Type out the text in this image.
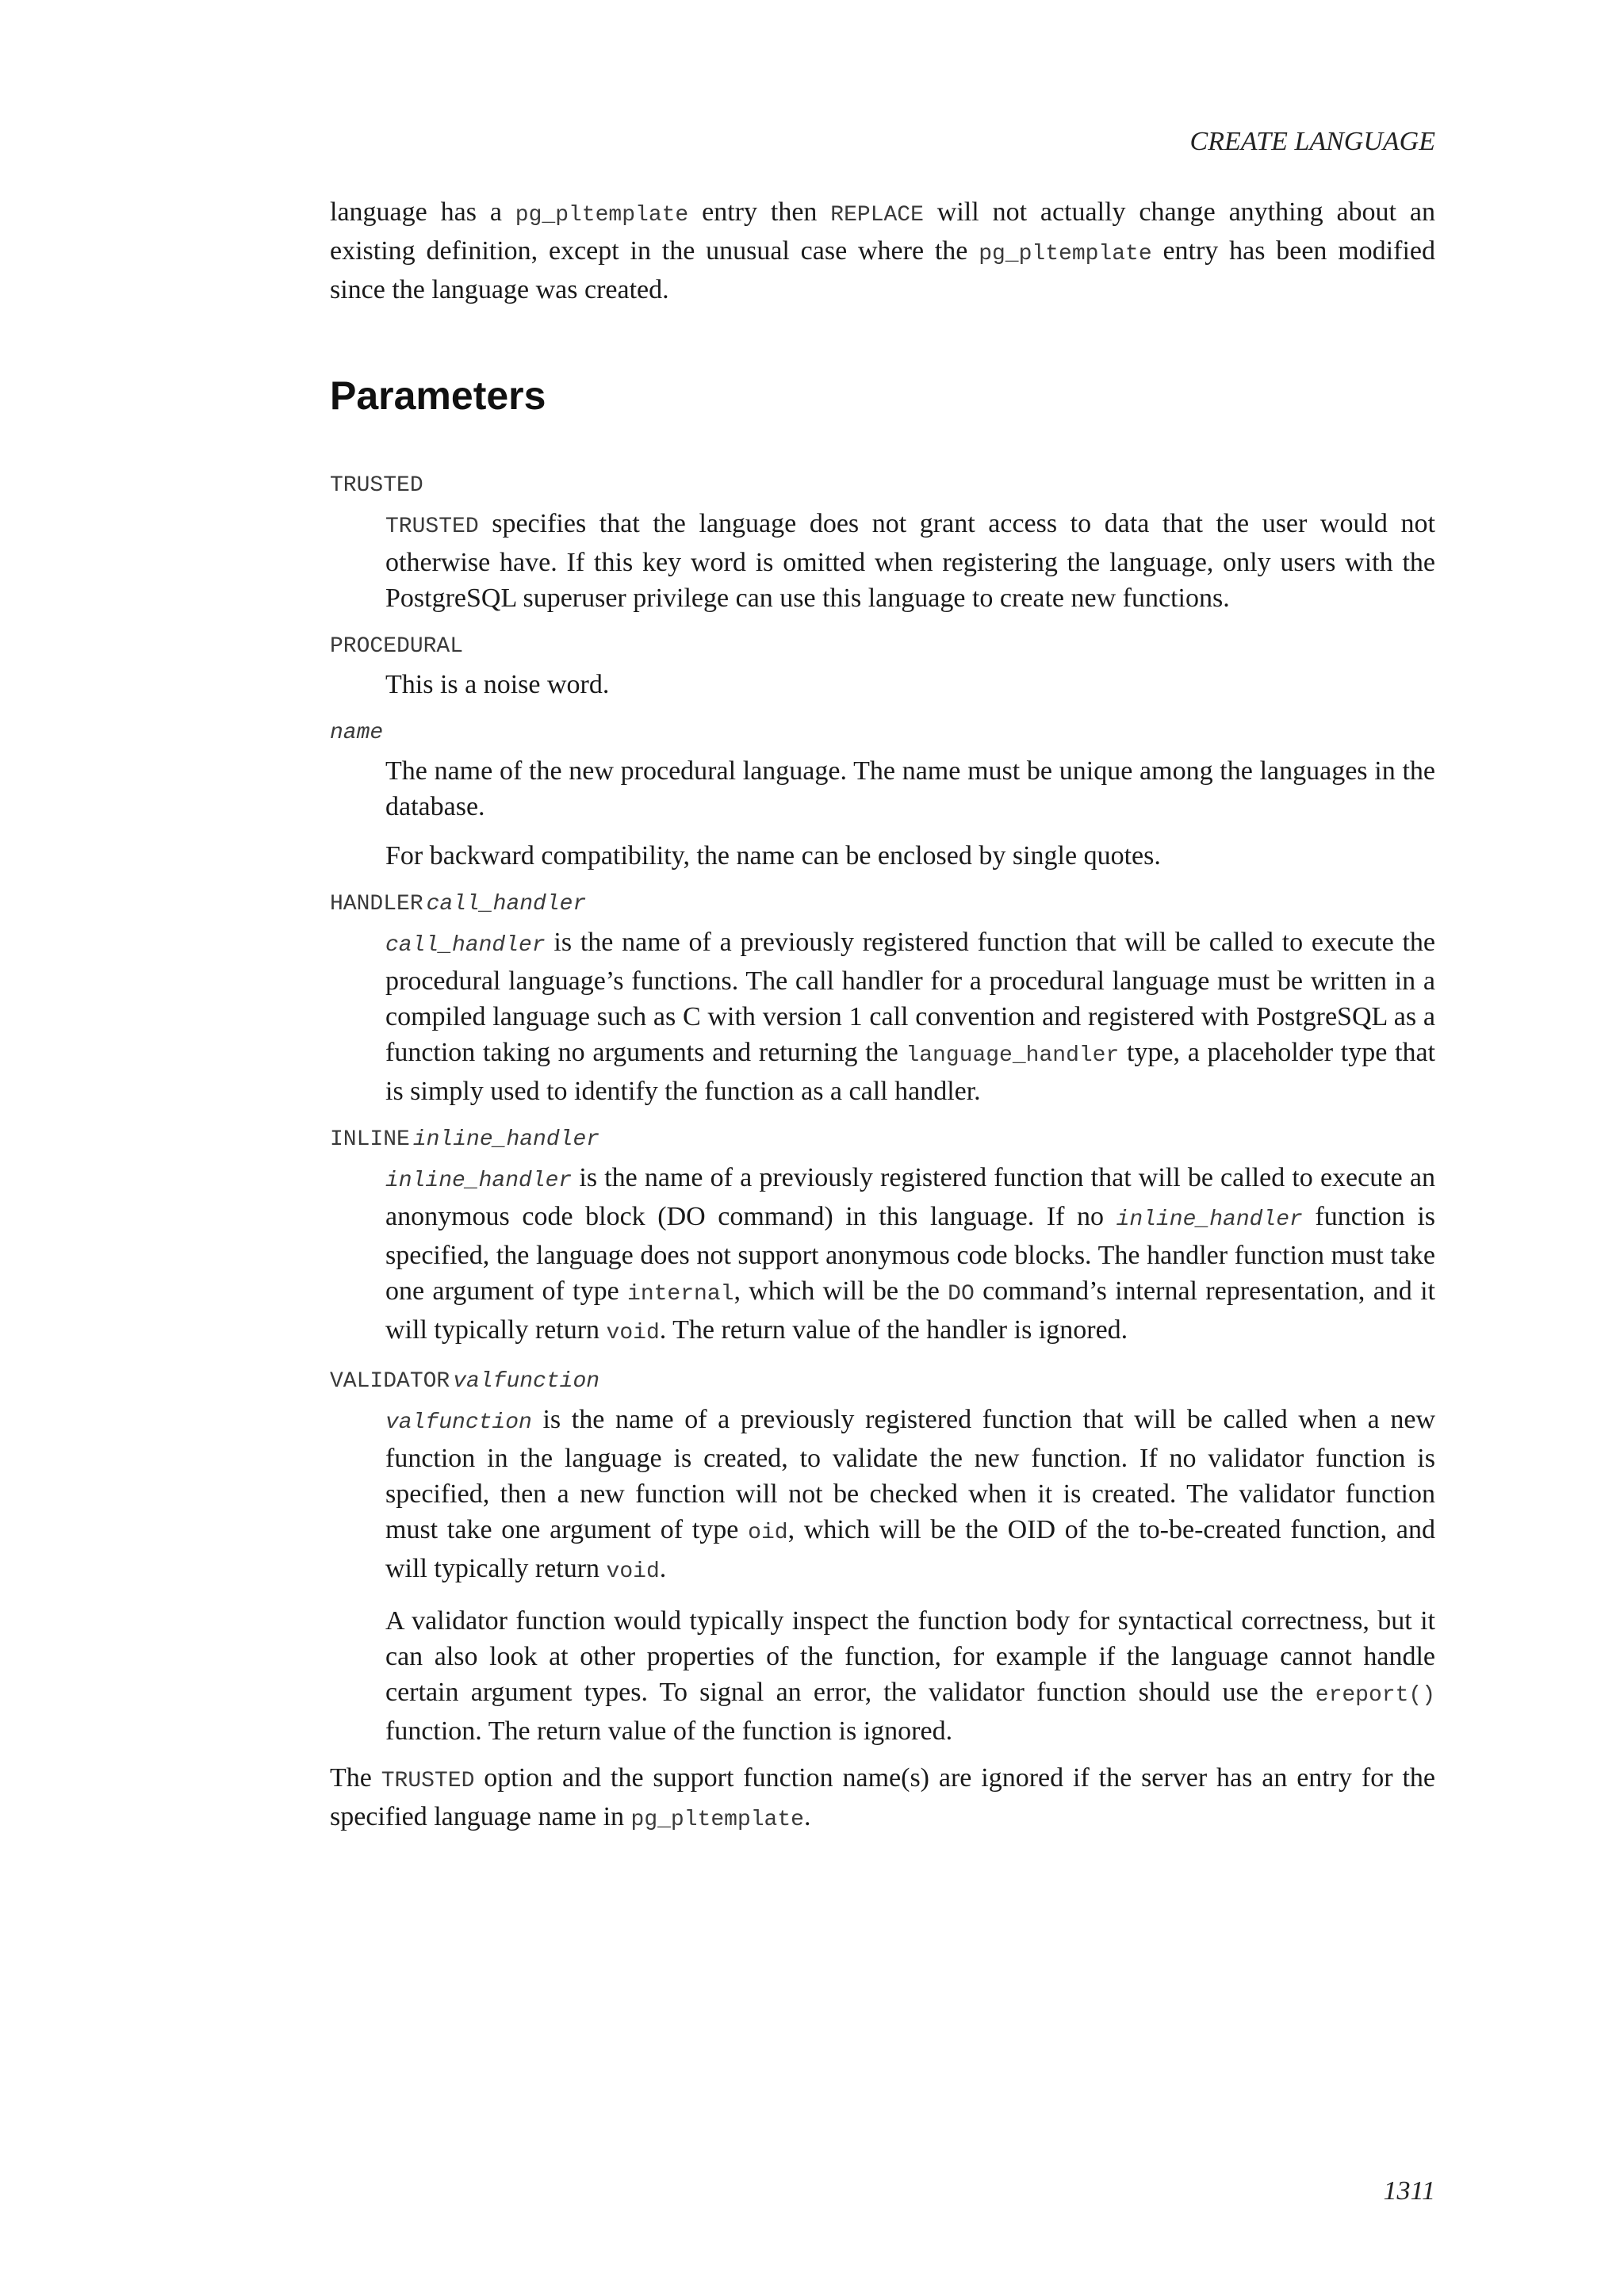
CREATE LANGUAGE

language has a pg_pltemplate entry then REPLACE will not actually change anything about an existing definition, except in the unusual case where the pg_pltemplate entry has been modified since the language was created.

Parameters
TRUSTED

TRUSTED specifies that the language does not grant access to data that the user would not otherwise have. If this key word is omitted when registering the language, only users with the PostgreSQL superuser privilege can use this language to create new functions.

PROCEDURAL

This is a noise word.

name

The name of the new procedural language. The name must be unique among the languages in the database.

For backward compatibility, the name can be enclosed by single quotes.

HANDLER call_handler

call_handler is the name of a previously registered function that will be called to execute the procedural language’s functions. The call handler for a procedural language must be written in a compiled language such as C with version 1 call convention and registered with PostgreSQL as a function taking no arguments and returning the language_handler type, a placeholder type that is simply used to identify the function as a call handler.

INLINE inline_handler

inline_handler is the name of a previously registered function that will be called to execute an anonymous code block (DO command) in this language. If no inline_handler function is specified, the language does not support anonymous code blocks. The handler function must take one argument of type internal, which will be the DO command’s internal representation, and it will typically return void. The return value of the handler is ignored.

VALIDATOR valfunction

valfunction is the name of a previously registered function that will be called when a new function in the language is created, to validate the new function. If no validator function is specified, then a new function will not be checked when it is created. The validator function must take one argument of type oid, which will be the OID of the to-be-created function, and will typically return void.

A validator function would typically inspect the function body for syntactical correctness, but it can also look at other properties of the function, for example if the language cannot handle certain argument types. To signal an error, the validator function should use the ereport() function. The return value of the function is ignored.

The TRUSTED option and the support function name(s) are ignored if the server has an entry for the specified language name in pg_pltemplate.

1311
